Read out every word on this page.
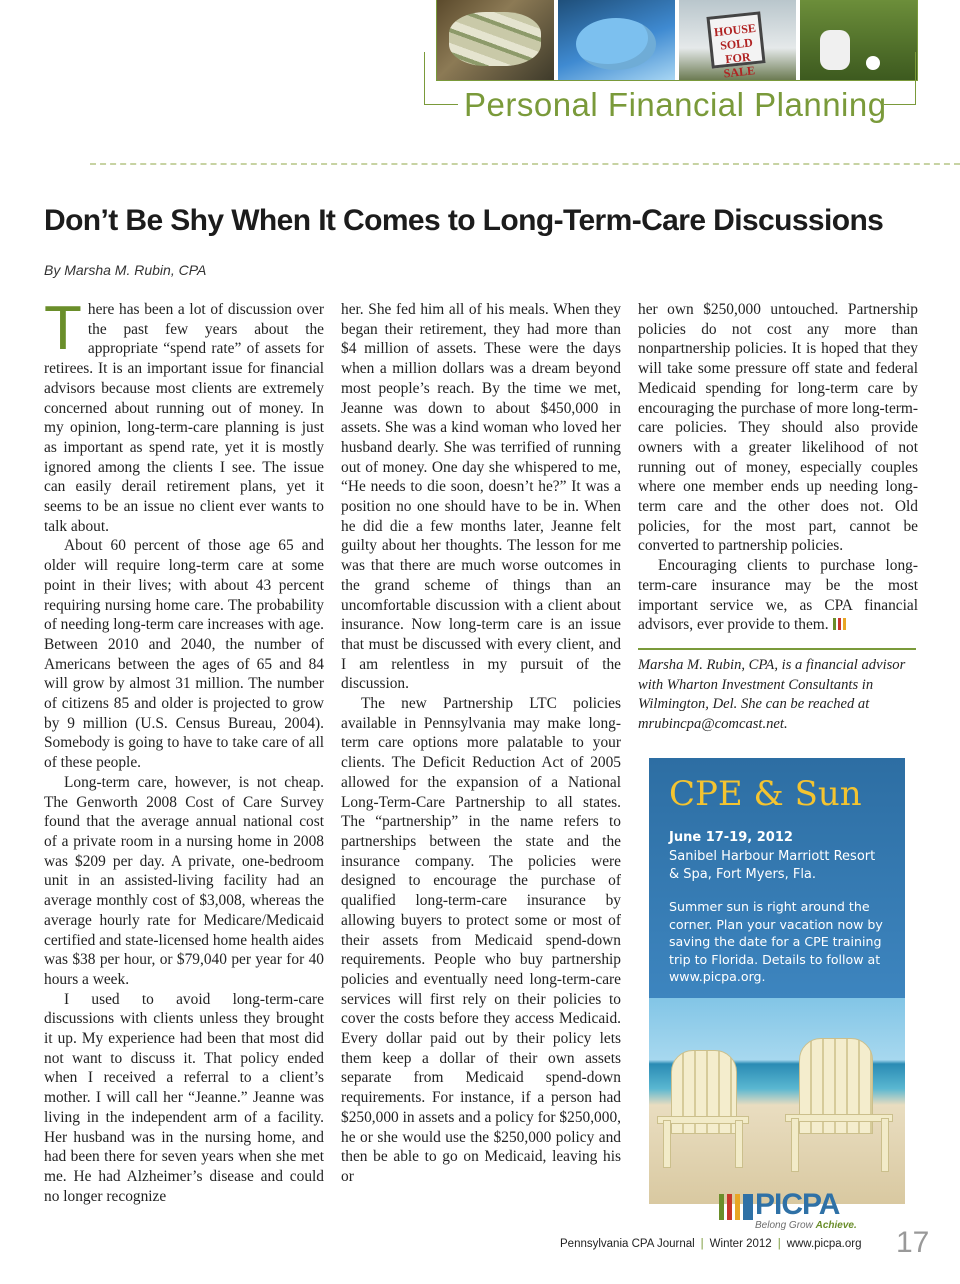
HOUSE SOLD FOR SALE
Personal Financial Planning
Don’t Be Shy When It Comes to Long-Term-Care Discussions
By Marsha M. Rubin, CPA

There has been a lot of discussion over the past few years about the appropriate “spend rate” of assets for retirees. It is an important issue for financial advisors because most clients are extremely concerned about running out of money. In my opinion, long-term-care planning is just as important as spend rate, yet it is mostly ignored among the clients I see. The issue can easily derail retirement plans, yet it seems to be an issue no client ever wants to talk about.

About 60 percent of those age 65 and older will require long-term care at some point in their lives; with about 43 percent requiring nursing home care. The probability of needing long-term care increases with age. Between 2010 and 2040, the number of Americans between the ages of 65 and 84 will grow by almost 31 million. The number of citizens 85 and older is projected to grow by 9 million (U.S. Census Bureau, 2004). Somebody is going to have to take care of all of these people.

Long-term care, however, is not cheap. The Genworth 2008 Cost of Care Survey found that the average annual national cost of a private room in a nursing home in 2008 was $209 per day. A private, one-bedroom unit in an assisted-living facility had an average monthly cost of $3,008, whereas the average hourly rate for Medicare/Medicaid certified and state-licensed home health aides was $38 per hour, or $79,040 per year for 40 hours a week.

I used to avoid long-term-care discussions with clients unless they brought it up. My experience had been that most did not want to discuss it. That policy ended when I received a referral to a client’s mother. I will call her “Jeanne.” Jeanne was living in the independent arm of a facility. Her husband was in the nursing home, and had been there for seven years when she met me. He had Alzheimer’s disease and could no longer recognize

her. She fed him all of his meals. When they began their retirement, they had more than $4 million of assets. These were the days when a million dollars was a dream beyond most people’s reach. By the time we met, Jeanne was down to about $450,000 in assets. She was a kind woman who loved her husband dearly. She was terrified of running out of money. One day she whispered to me, “He needs to die soon, doesn’t he?” It was a position no one should have to be in. When he did die a few months later, Jeanne felt guilty about her thoughts. The lesson for me was that there are much worse outcomes in the grand scheme of things than an uncomfortable discussion with a client about insurance. Now long-term care is an issue that must be discussed with every client, and I am relentless in my pursuit of the discussion.

The new Partnership LTC policies available in Pennsylvania may make long-term care options more palatable to your clients. The Deficit Reduction Act of 2005 allowed for the expansion of a National Long-Term-Care Partnership to all states. The “partnership” in the name refers to partnerships between the state and the insurance company. The policies were designed to encourage the purchase of qualified long-term-care insurance by allowing buyers to protect some or most of their assets from Medicaid spend-down requirements. People who buy partnership policies and eventually need long-term-care services will first rely on their policies to cover the costs before they access Medicaid. Every dollar paid out by their policy lets them keep a dollar of their own assets separate from Medicaid spend-down requirements. For instance, if a person had $250,000 in assets and a policy for $250,000, he or she would use the $250,000 policy and then be able to go on Medicaid, leaving his or

her own $250,000 untouched. Partnership policies do not cost any more than nonpartnership policies. It is hoped that they will take some pressure off state and federal Medicaid spending for long-term care by encouraging the purchase of more long-term-care policies. They should also provide owners with a greater likelihood of not running out of money, especially couples where one member ends up needing long-term care and the other does not. Old policies, for the most part, cannot be converted to partnership policies.

Encouraging clients to purchase long-term-care insurance may be the most important service we, as CPA financial advisors, ever provide to them.

Marsha M. Rubin, CPA, is a financial advisor with Wharton Investment Consultants in Wilmington, Del. She can be reached at mrubincpa@comcast.net.
CPE & Sun
June 17-19, 2012
Sanibel Harbour Marriott Resort & Spa, Fort Myers, Fla.
Summer sun is right around the corner. Plan your vacation now by saving the date for a CPE training trip to Florida. Details to follow at www.picpa.org.
PICPA
Belong Grow Achieve.
Pennsylvania CPA Journal | Winter 2012 | www.picpa.org 17
